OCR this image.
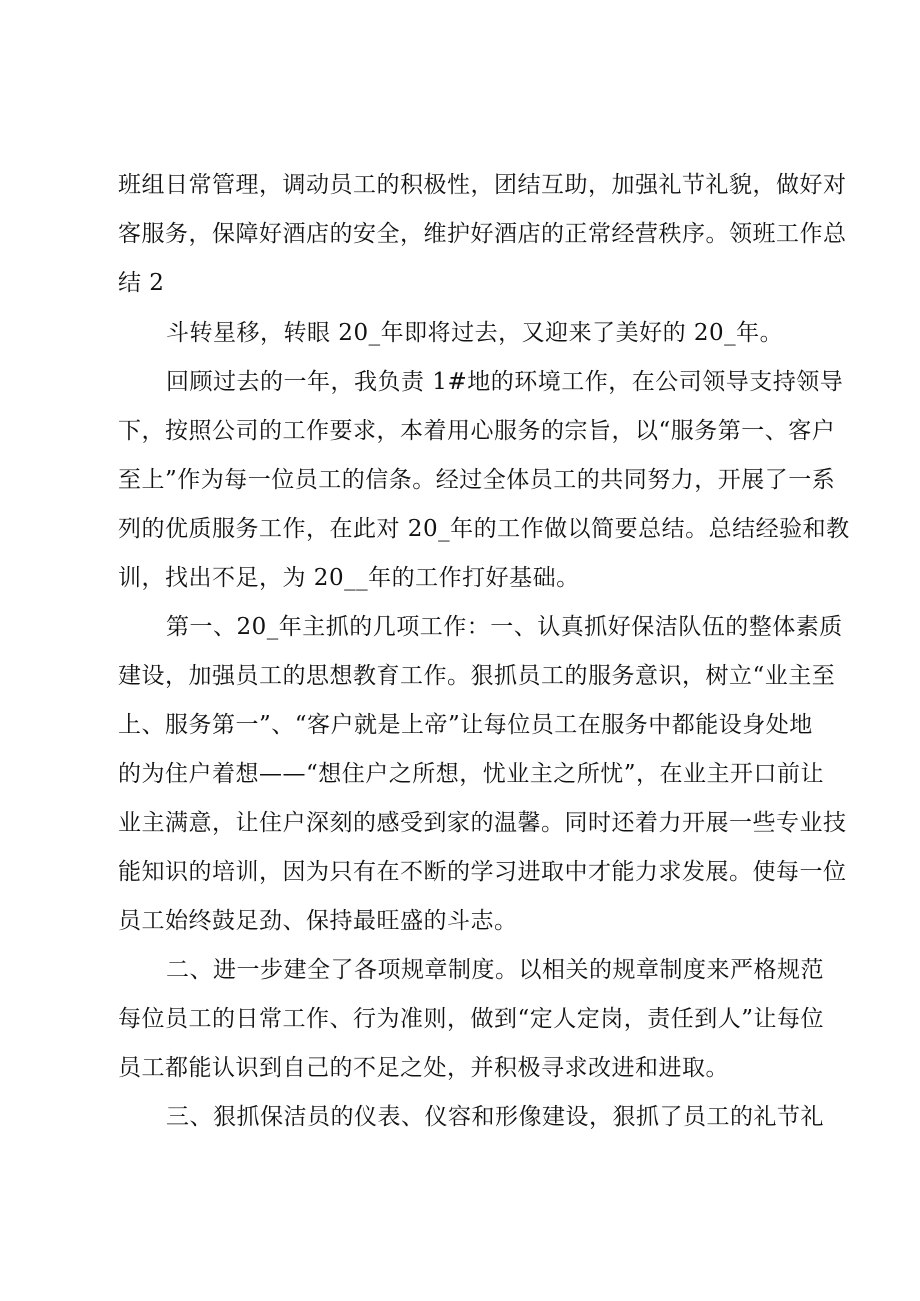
班组日常管理，调动员工的积极性，团结互助，加强礼节礼貌，做好对
客服务，保障好酒店的安全，维护好酒店的正常经营秩序。领班工作总
结 2
斗转星移，转眼 20_年即将过去，又迎来了美好的 20_年。
回顾过去的一年，我负责 1#地的环境工作，在公司领导支持领导
下，按照公司的工作要求，本着用心服务的宗旨，以“服务第一、客户
至上”作为每一位员工的信条。经过全体员工的共同努力，开展了一系
列的优质服务工作，在此对 20_年的工作做以简要总结。总结经验和教
训，找出不足，为 20__年的工作打好基础。
第一、20_年主抓的几项工作：一、认真抓好保洁队伍的整体素质
建设，加强员工的思想教育工作。狠抓员工的服务意识，树立“业主至
上、服务第一”、“客户就是上帝”让每位员工在服务中都能设身处地
的为住户着想——“想住户之所想，忧业主之所忧”，在业主开口前让
业主满意，让住户深刻的感受到家的温馨。同时还着力开展一些专业技
能知识的培训，因为只有在不断的学习进取中才能力求发展。使每一位
员工始终鼓足劲、保持最旺盛的斗志。
二、进一步建全了各项规章制度。以相关的规章制度来严格规范
每位员工的日常工作、行为准则，做到“定人定岗，责任到人”让每位
员工都能认识到自己的不足之处，并积极寻求改进和进取。
三、狠抓保洁员的仪表、仪容和形像建设，狠抓了员工的礼节礼
